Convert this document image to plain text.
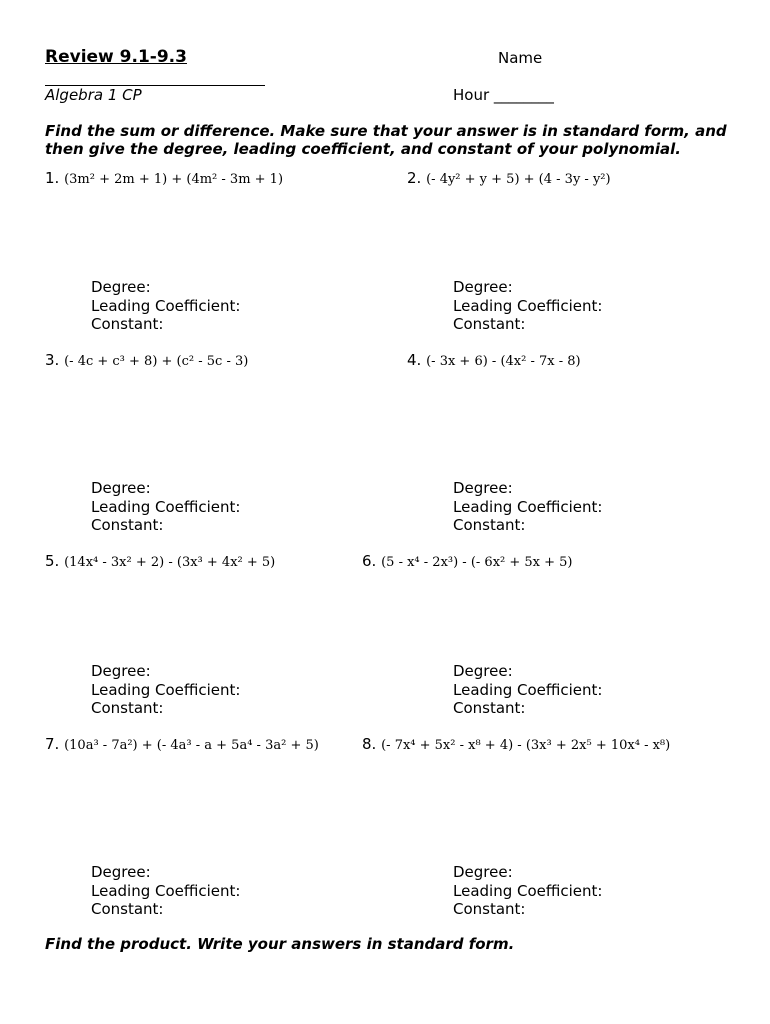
Review 9.1-9.3	Name
Algebra 1 CP	Hour ________
Find the sum or difference. Make sure that your answer is in standard form, and then give the degree, leading coefficient, and constant of your polynomial.
1. (3m² + 2m + 1) + (4m² - 3m + 1)	2. (- 4y² + y + 5) + (4 - 3y - y²)
Degree:
Leading Coefficient:
Constant:
Degree:
Leading Coefficient:
Constant:
3. (- 4c + c³ + 8) + (c² - 5c - 3)	4. (- 3x + 6) - (4x² - 7x - 8)
Degree:
Leading Coefficient:
Constant:
Degree:
Leading Coefficient:
Constant:
5. (14x⁴ - 3x² + 2) - (3x³ + 4x² + 5)	6. (5 - x⁴ - 2x³) - (- 6x² + 5x + 5)
Degree:
Leading Coefficient:
Constant:
Degree:
Leading Coefficient:
Constant:
7. (10a³ - 7a²) + (- 4a³ - a + 5a⁴ - 3a² + 5)	8. (- 7x⁴ + 5x² - x⁸ + 4) - (3x³ + 2x⁵ + 10x⁴ - x⁸)
Degree:
Leading Coefficient:
Constant:
Degree:
Leading Coefficient:
Constant:
Find the product. Write your answers in standard form.
